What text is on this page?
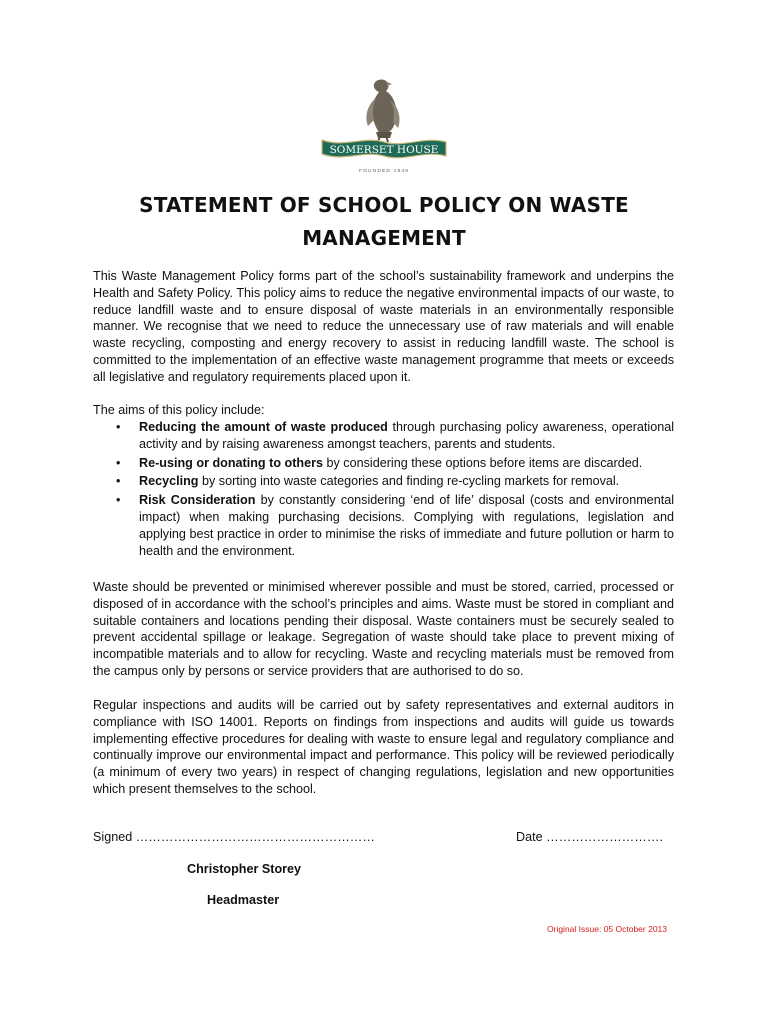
SOMERSET HOUSE
FOUNDED 1948
STATEMENT OF SCHOOL POLICY ON WASTE
MANAGEMENT

This Waste Management Policy forms part of the school’s sustainability framework and underpins the Health and Safety Policy. This policy aims to reduce the negative environmental impacts of our waste, to reduce landfill waste and to ensure disposal of waste materials in an environmentally responsible manner. We recognise that we need to reduce the unnecessary use of raw materials and will enable waste recycling, composting and energy recovery to assist in reducing landfill waste. The school is committed to the implementation of an effective waste management programme that meets or exceeds all legislative and regulatory requirements placed upon it.

The aims of this policy include:

• Reducing the amount of waste produced through purchasing policy awareness, operational activity and by raising awareness amongst teachers, parents and students.
• Re-using or donating to others by considering these options before items are discarded.
• Recycling by sorting into waste categories and finding re-cycling markets for removal.
• Risk Consideration by constantly considering ‘end of life’ disposal (costs and environmental impact) when making purchasing decisions. Complying with regulations, legislation and applying best practice in order to minimise the risks of immediate and future pollution or harm to health and the environment.

Waste should be prevented or minimised wherever possible and must be stored, carried, processed or disposed of in accordance with the school’s principles and aims. Waste must be stored in compliant and suitable containers and locations pending their disposal. Waste containers must be securely sealed to prevent accidental spillage or leakage. Segregation of waste should take place to prevent mixing of incompatible materials and to allow for recycling. Waste and recycling materials must be removed from the campus only by persons or service providers that are authorised to do so.

Regular inspections and audits will be carried out by safety representatives and external auditors in compliance with ISO 14001. Reports on findings from inspections and audits will guide us towards implementing effective procedures for dealing with waste to ensure legal and regulatory compliance and continually improve our environmental impact and performance. This policy will be reviewed periodically (a minimum of every two years) in respect of changing regulations, legislation and new opportunities which present themselves to the school.

Signed …………………………………………………	Date ……………………….
Christopher Storey
Headmaster
Original Issue: 05 October 2013
